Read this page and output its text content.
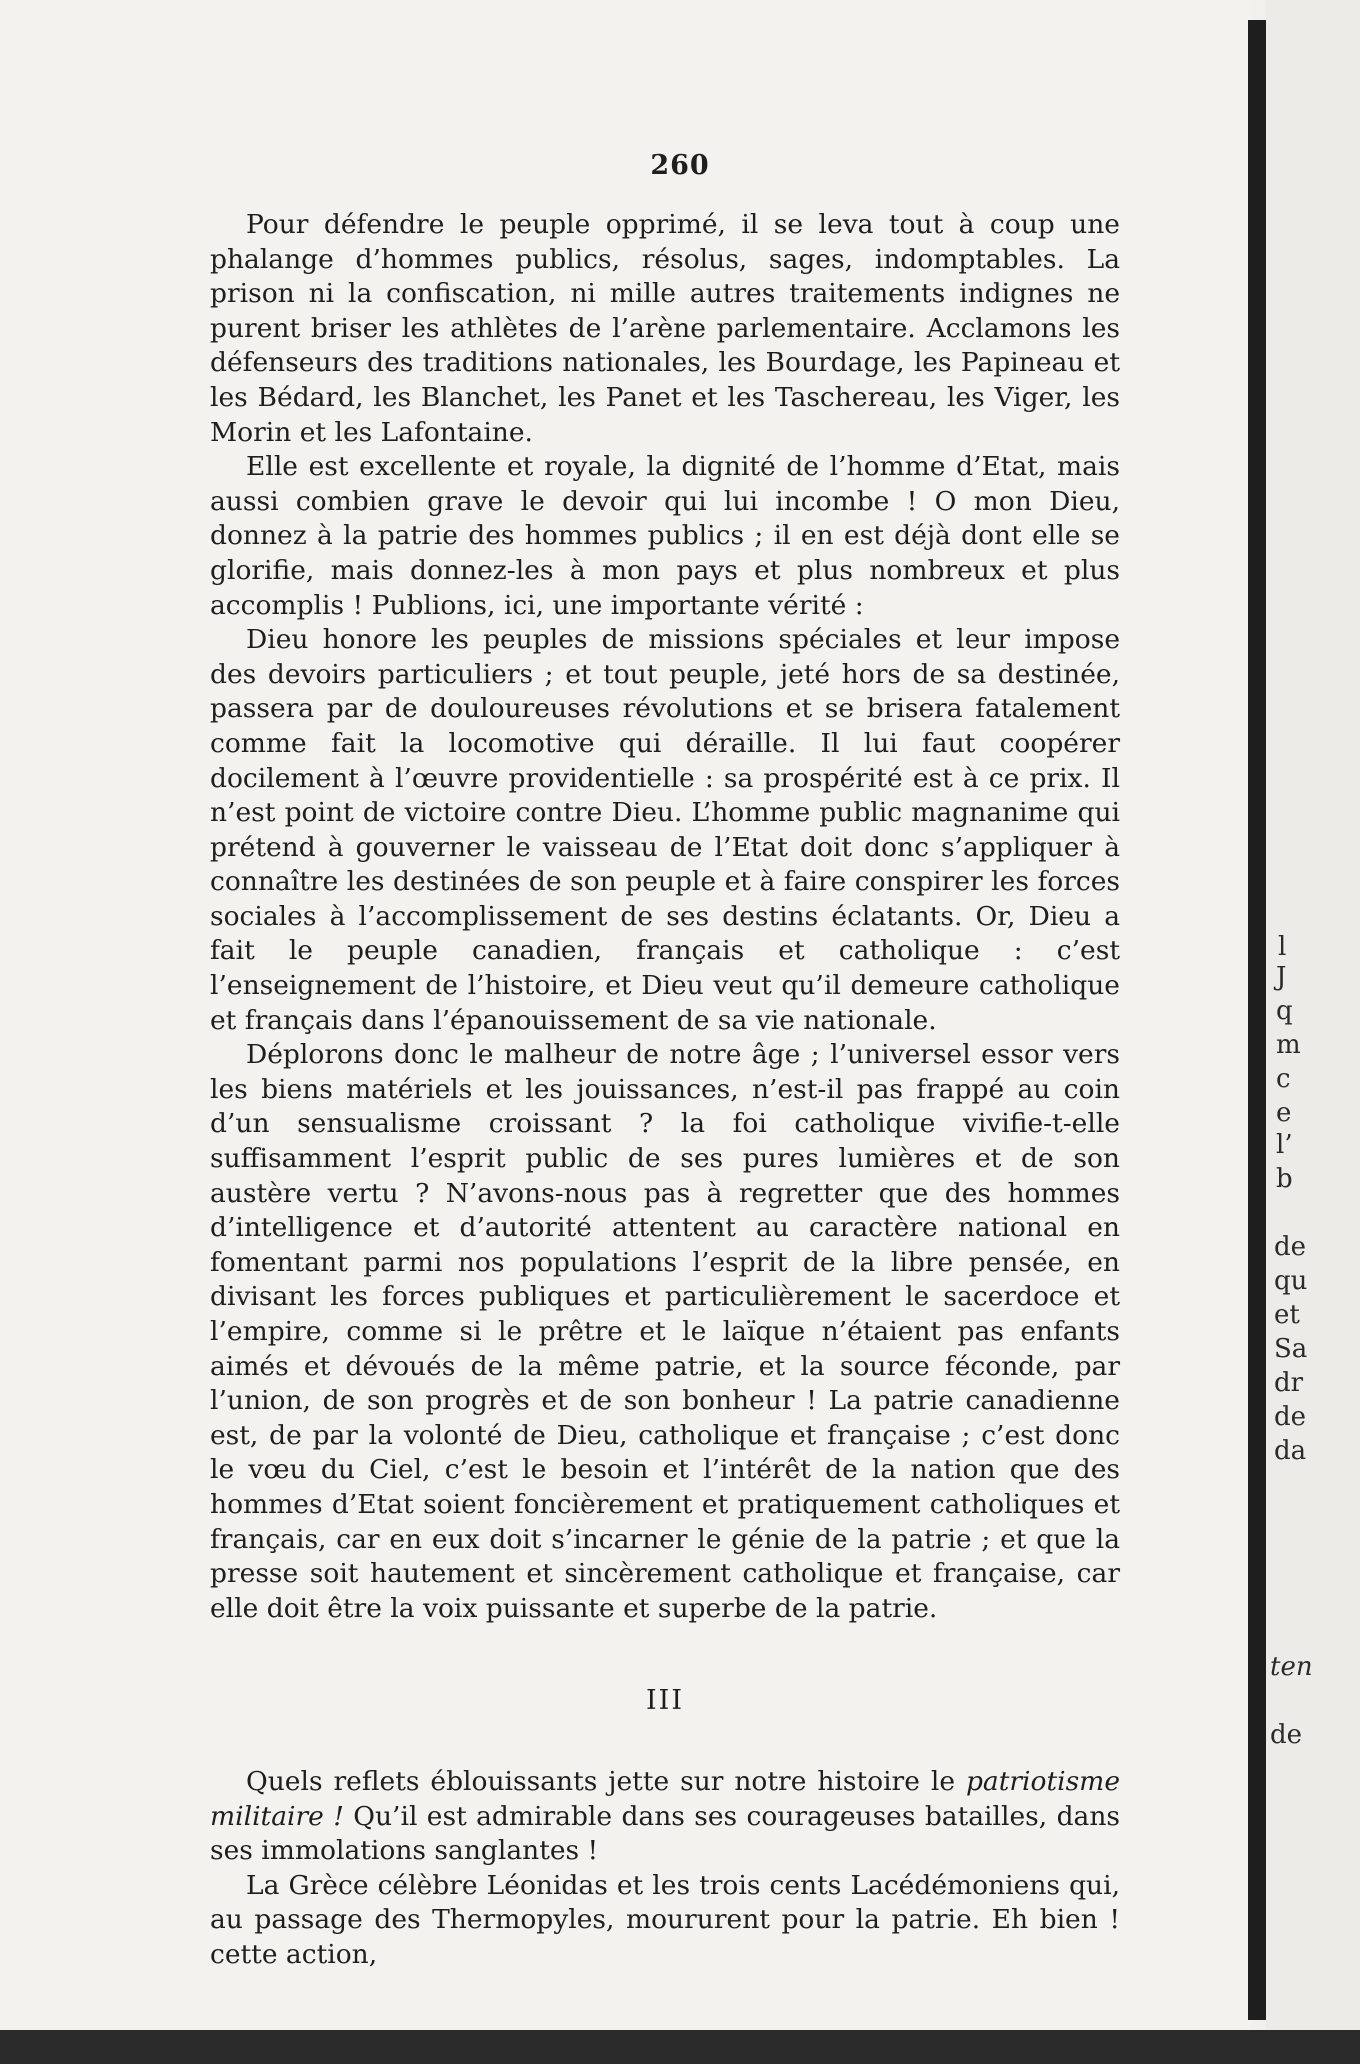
260

Pour défendre le peuple opprimé, il se leva tout à coup une phalange d’hommes publics, résolus, sages, indomptables. La prison ni la confiscation, ni mille autres traitements indignes ne purent briser les athlètes de l’arène parlementaire. Acclamons les défenseurs des traditions nationales, les Bourdage, les Papineau et les Bédard, les Blanchet, les Panet et les Taschereau, les Viger, les Morin et les Lafontaine.

Elle est excellente et royale, la dignité de l’homme d’Etat, mais aussi combien grave le devoir qui lui incombe ! O mon Dieu, donnez à la patrie des hommes publics ; il en est déjà dont elle se glorifie, mais donnez-les à mon pays et plus nombreux et plus accomplis ! Publions, ici, une importante vérité :

Dieu honore les peuples de missions spéciales et leur impose des devoirs particuliers ; et tout peuple, jeté hors de sa destinée, passera par de douloureuses révolutions et se brisera fatalement comme fait la locomotive qui déraille. Il lui faut coopérer docilement à l’œuvre providentielle : sa prospérité est à ce prix. Il n’est point de victoire contre Dieu. L’homme public magnanime qui prétend à gouverner le vaisseau de l’Etat doit donc s’appliquer à connaître les destinées de son peuple et à faire conspirer les forces sociales à l’accomplissement de ses destins éclatants. Or, Dieu a fait le peuple canadien, français et catholique : c’est l’enseignement de l’histoire, et Dieu veut qu’il demeure catholique et français dans l’épanouissement de sa vie nationale.

Déplorons donc le malheur de notre âge ; l’universel essor vers les biens matériels et les jouissances, n’est-il pas frappé au coin d’un sensualisme croissant ? la foi catholique vivifie-t-elle suffisamment l’esprit public de ses pures lumières et de son austère vertu ? N’avons-nous pas à regretter que des hommes d’intelligence et d’autorité attentent au caractère national en fomentant parmi nos populations l’esprit de la libre pensée, en divisant les forces publiques et particulièrement le sacerdoce et l’empire, comme si le prêtre et le laïque n’étaient pas enfants aimés et dévoués de la même patrie, et la source féconde, par l’union, de son progrès et de son bonheur ! La patrie canadienne est, de par la volonté de Dieu, catholique et française ; c’est donc le vœu du Ciel, c’est le besoin et l’intérêt de la nation que des hommes d’Etat soient foncièrement et pratiquement catholiques et français, car en eux doit s’incarner le génie de la patrie ; et que la presse soit hautement et sincèrement catholique et française, car elle doit être la voix puissante et superbe de la patrie.

III

Quels reflets éblouissants jette sur notre histoire le patriotisme militaire ! Qu’il est admirable dans ses courageuses batailles, dans ses immolations sanglantes !

La Grèce célèbre Léonidas et les trois cents Lacédémoniens qui, au passage des Thermopyles, moururent pour la patrie. Eh bien ! cette action,

l
J
q
m
c
e
l’
b
de
qu
et
Sa
dr
de
da
ten
de
